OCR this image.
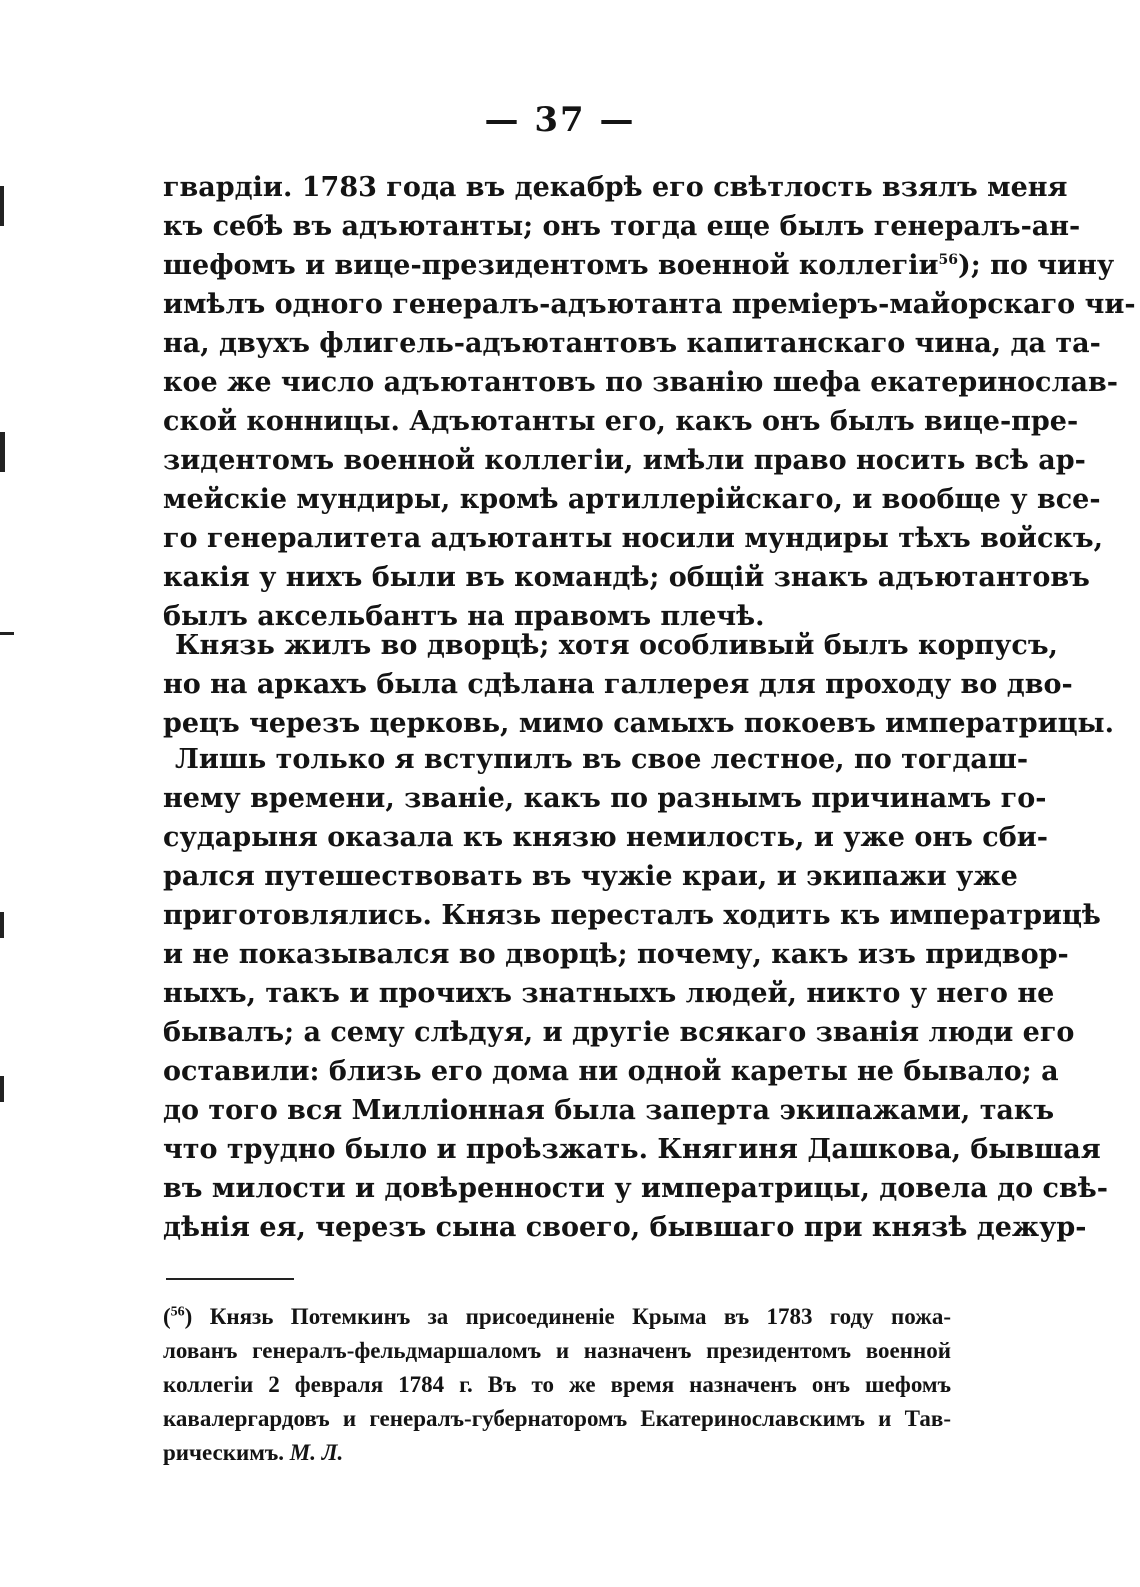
— 37 —
гвардіи. 1783 года въ декабрѣ его свѣтлость взялъ меня
къ себѣ въ адъютанты; онъ тогда еще былъ генералъ-ан-
шефомъ и вице-президентомъ военной коллегіи$^{56}$); по чину
имѣлъ одного генералъ-адъютанта преміеръ-майорскаго чи-
на, двухъ флигель-адъютантовъ капитанскаго чина, да та-
кое же число адъютантовъ по званію шефа екатеринослав-
ской конницы. Адъютанты его, какъ онъ былъ вице-пре-
зидентомъ военной коллегіи, имѣли право носить всѣ ар-
мейскіе мундиры, кромѣ артиллерійскаго, и вообще у все-
го генералитета адъютанты носили мундиры тѣхъ войскъ,
какія у нихъ были въ командѣ; общій знакъ адъютантовъ
былъ аксельбантъ на правомъ плечѣ.
Князь жилъ во дворцѣ; хотя особливый былъ корпусъ,
но на аркахъ была сдѣлана галлерея для проходу во дво-
рецъ черезъ церковь, мимо самыхъ покоевъ императрицы.
Лишь только я вступилъ въ свое лестное, по тогдаш-
нему времени, званіе, какъ по разнымъ причинамъ го-
сударыня оказала къ князю немилость, и уже онъ сби-
рался путешествовать въ чужіе краи, и экипажи уже
приготовлялись. Князь пересталъ ходить къ императрицѣ
и не показывался во дворцѣ; почему, какъ изъ придвор-
ныхъ, такъ и прочихъ знатныхъ людей, никто у него не
бывалъ; а сему слѣдуя, и другіе всякаго званія люди его
оставили: близь его дома ни одной кареты не бывало; а
до того вся Милліонная была заперта экипажами, такъ
что трудно было и проѣзжать. Княгиня Дашкова, бывшая
въ милости и довѣренности у императрицы, довела до свѣ-
дѣнія ея, черезъ сына своего, бывшаго при князѣ дежур-
($^{56}$) Князь Потемкинъ за присоединеніе Крыма въ 1783 году пожа-
лованъ генералъ-фельдмаршаломъ и назначенъ президентомъ военной
коллегіи 2 февраля 1784 г. Въ то же время назначенъ онъ шефомъ
кавалергардовъ и генералъ-губернаторомъ Екатеринославскимъ и Тав-
рическимъ. М. Л.
